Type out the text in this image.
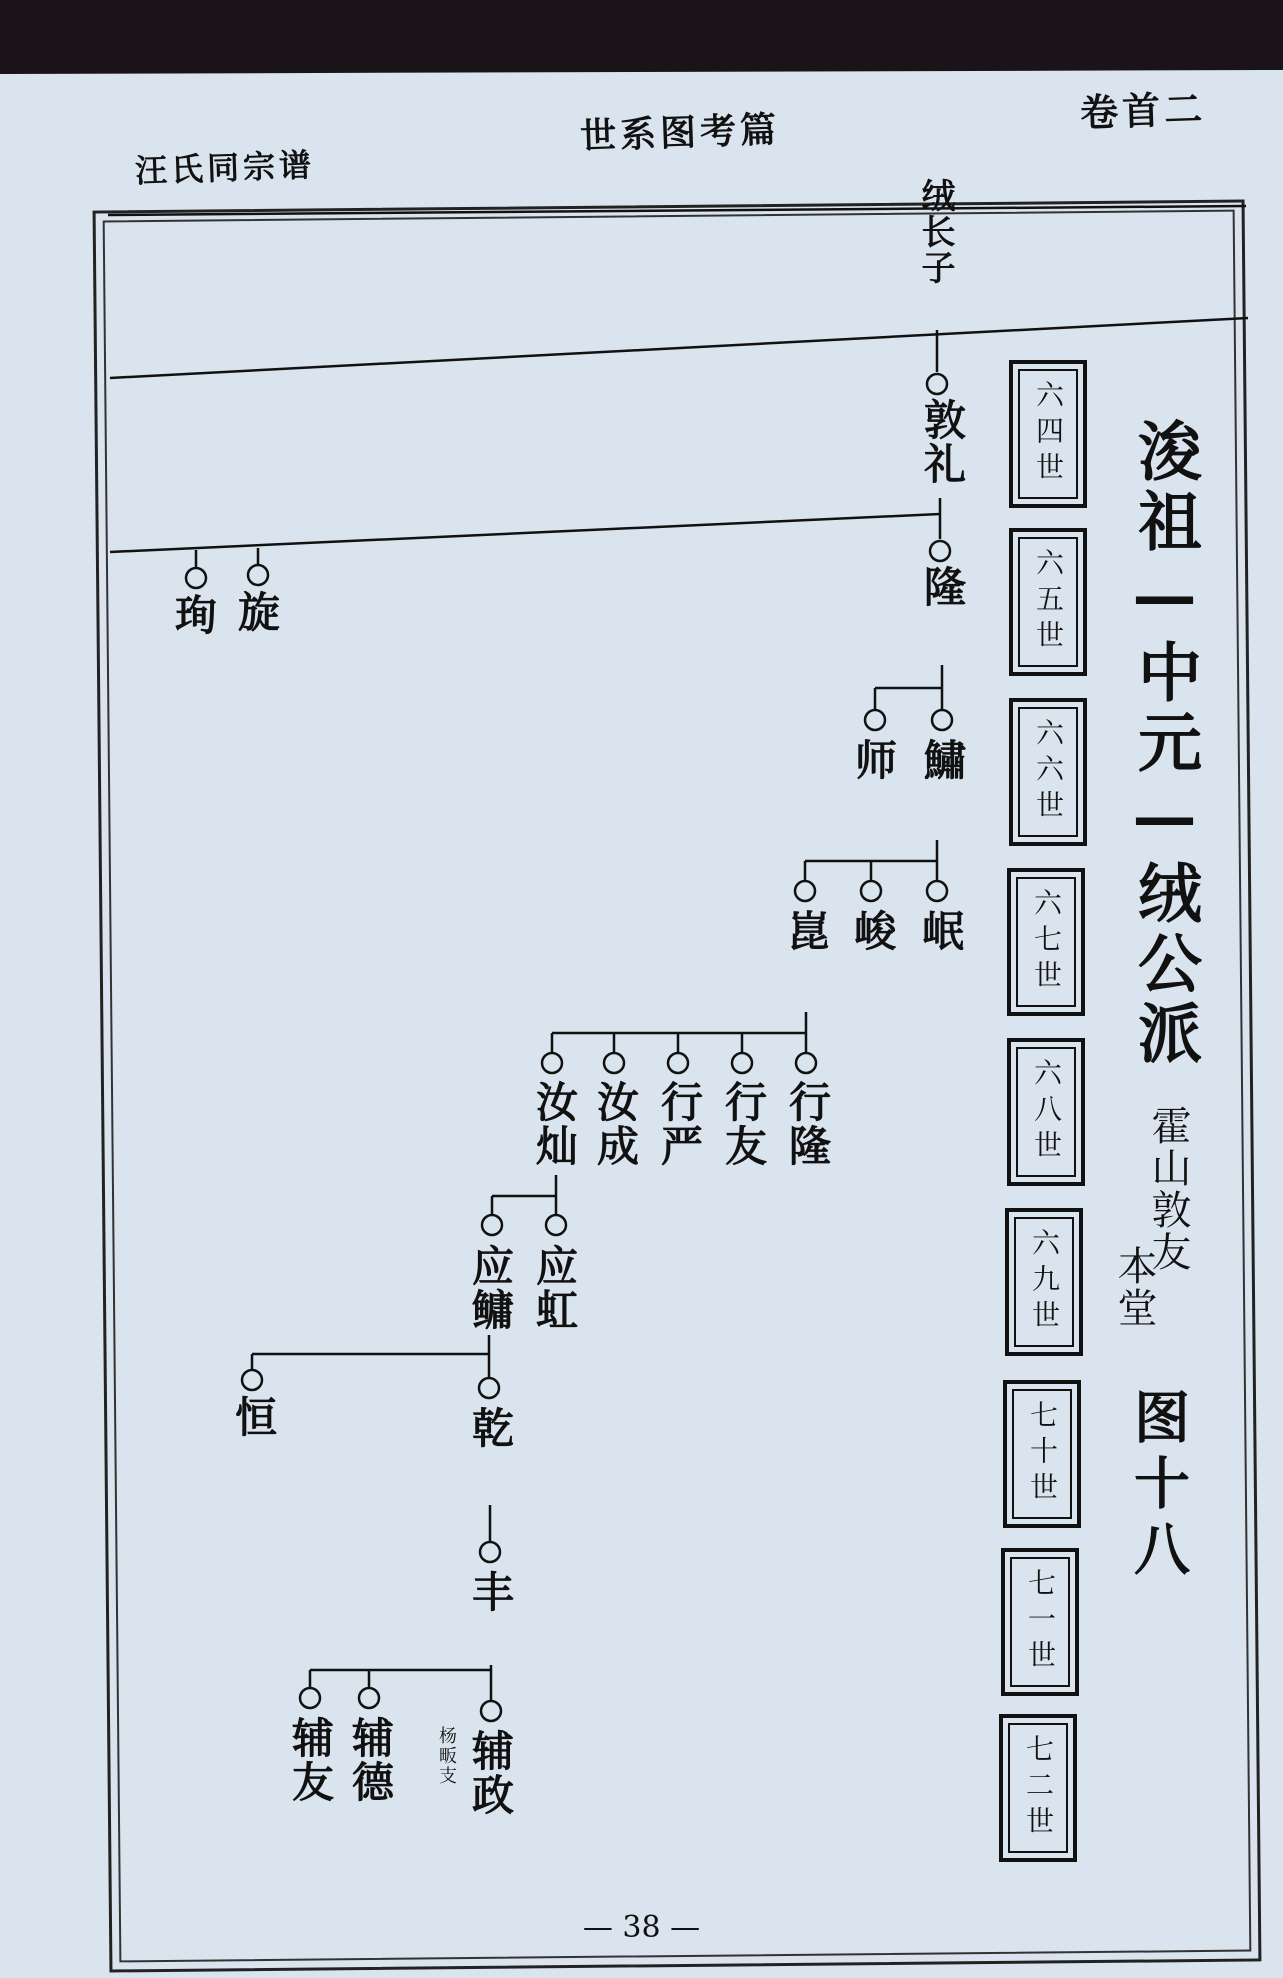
汪氏同宗谱
世系图考篇	卷首二
绒长子
敦礼
隆
珣 旋
师 鱐
崑 峻 岷
汝灿 汝成 行严 行友 行隆
应鳙 应虹
恒	乾
丰
辅友 辅德 辅政
杨畈支
六四世
六五世
六六世
六七世
六八世
六九世
七十世
七一世
七二世
浚祖—中元—绒公派
霍山敦友
本堂
图十八
— 38 —
